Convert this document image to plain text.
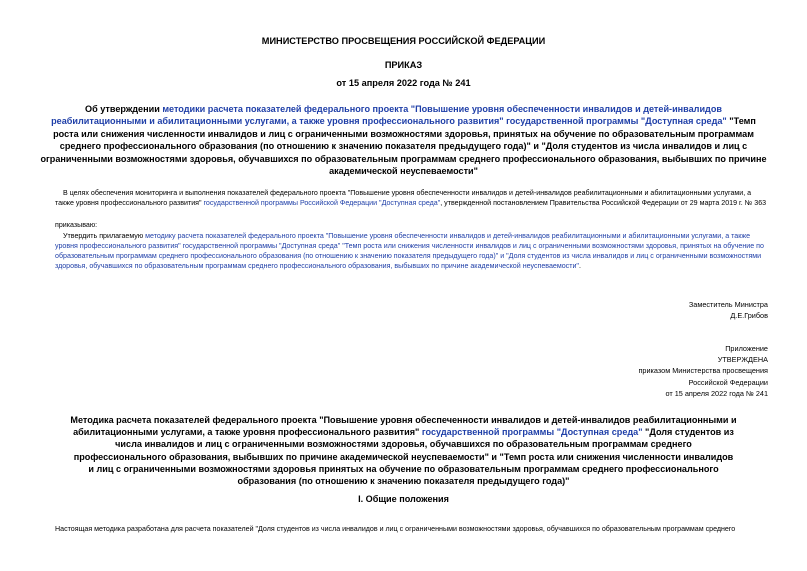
МИНИСТЕРСТВО ПРОСВЕЩЕНИЯ РОССИЙСКОЙ ФЕДЕРАЦИИ
ПРИКАЗ
от 15 апреля 2022 года № 241
Об утверждении методики расчета показателей федерального проекта "Повышение уровня обеспеченности инвалидов и детей-инвалидов реабилитационными и абилитационными услугами, а также уровня профессионального развития" государственной программы "Доступная среда" "Темп роста или снижения численности инвалидов и лиц с ограниченными возможностями здоровья, принятых на обучение по образовательным программам среднего профессионального образования (по отношению к значению показателя предыдущего года)" и "Доля студентов из числа инвалидов и лиц с ограниченными возможностями здоровья, обучавшихся по образовательным программам среднего профессионального образования, выбывших по причине академической неуспеваемости"
В целях обеспечения мониторинга и выполнения показателей федерального проекта "Повышение уровня обеспеченности инвалидов и детей-инвалидов реабилитационными и абилитационными услугами, а также уровня профессионального развития" государственной программы Российской Федерации "Доступная среда", утвержденной постановлением Правительства Российской Федерации от 29 марта 2019 г. № 363
приказываю:
Утвердить прилагаемую методику расчета показателей федерального проекта "Повышение уровня обеспеченности инвалидов и детей-инвалидов реабилитационными и абилитационными услугами, а также уровня профессионального развития" государственной программы "Доступная среда" "Темп роста или снижения численности инвалидов и лиц с ограниченными возможностями здоровья, принятых на обучение по образовательным программам среднего профессионального образования (по отношению к значению показателя предыдущего года)" и "Доля студентов из числа инвалидов и лиц с ограниченными возможностями здоровья, обучавшихся по образовательным программам среднего профессионального образования, выбывших по причине академической неуспеваемости".
Заместитель Министра
Д.Е.Грибов
Приложение
УТВЕРЖДЕНА
приказом Министерства просвещения
Российской Федерации
от 15 апреля 2022 года № 241
Методика расчета показателей федерального проекта "Повышение уровня обеспеченности инвалидов и детей-инвалидов реабилитационными и абилитационными услугами, а также уровня профессионального развития" государственной программы "Доступная среда" "Доля студентов из числа инвалидов и лиц с ограниченными возможностями здоровья, обучавшихся по образовательным программам среднего профессионального образования, выбывших по причине академической неуспеваемости" и "Темп роста или снижения численности инвалидов и лиц с ограниченными возможностями здоровья принятых на обучение по образовательным программам среднего профессионального образования (по отношению к значению показателя предыдущего года)"
I. Общие положения
Настоящая методика разработана для расчета показателей "Доля студентов из числа инвалидов и лиц с ограниченными возможностями здоровья, обучавшихся по образовательным программам среднего
